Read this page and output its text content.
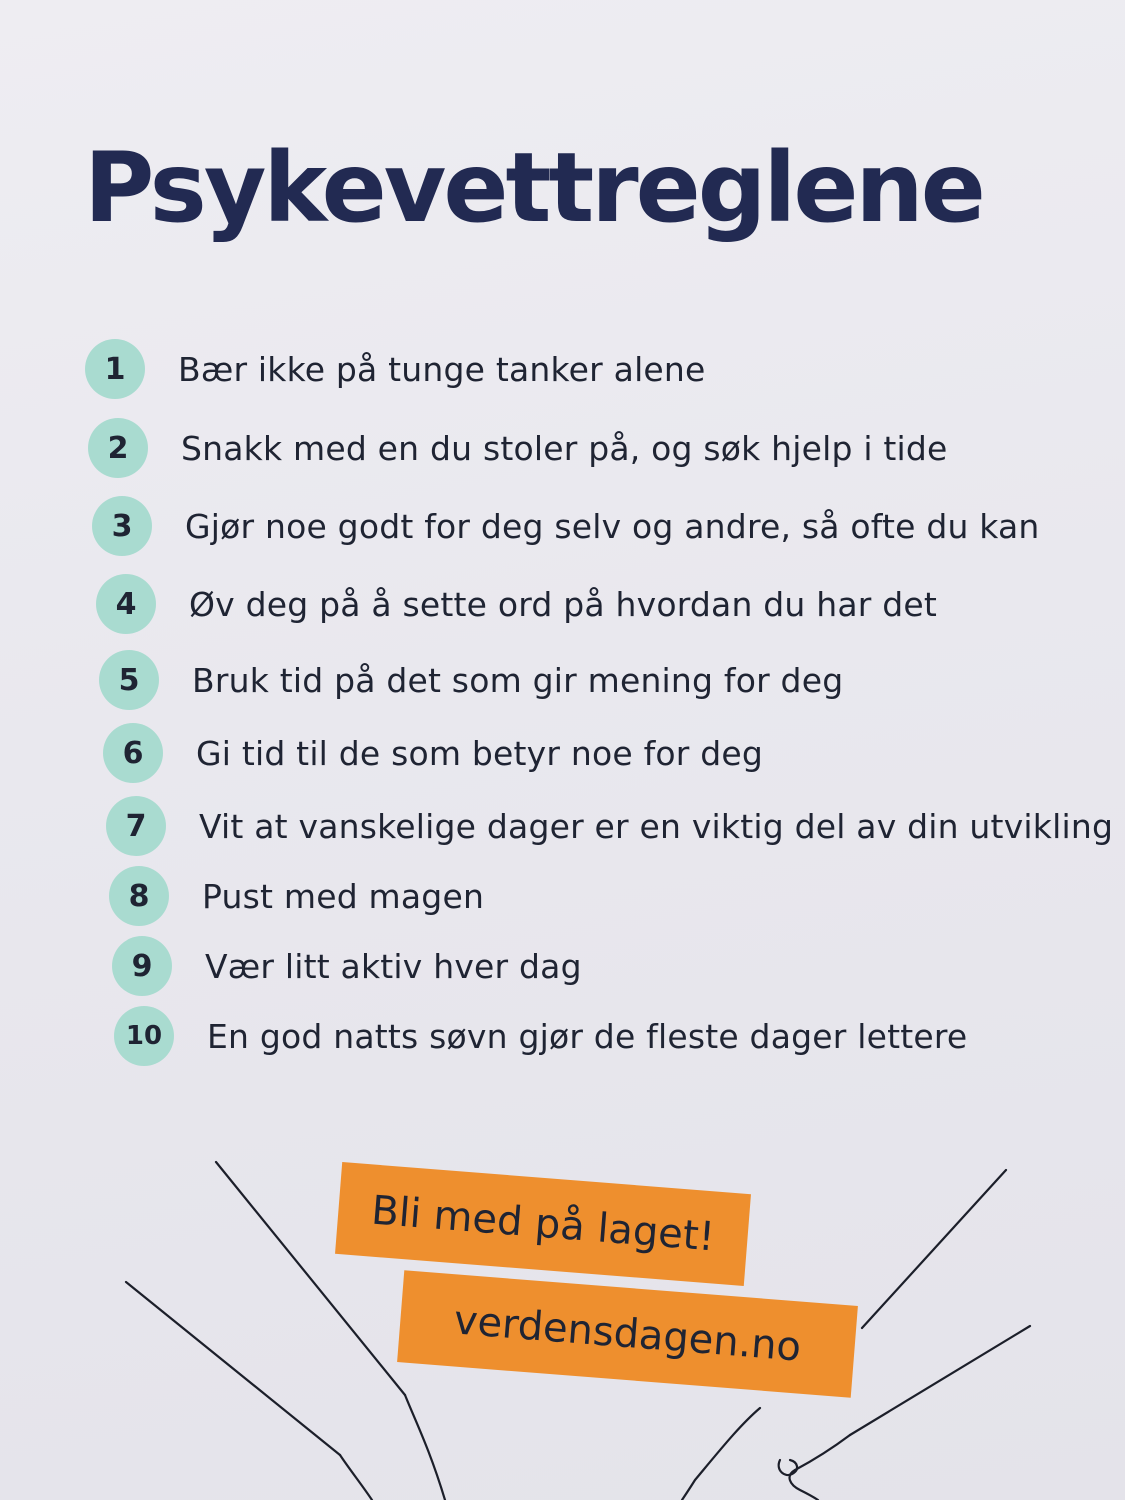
Psykevettreglene
1	Bær ikke på tunge tanker alene
2	Snakk med en du stoler på, og søk hjelp i tide
3	Gjør noe godt for deg selv og andre, så ofte du kan
4	Øv deg på å sette ord på hvordan du har det
5	Bruk tid på det som gir mening for deg
6	Gi tid til de som betyr noe for deg
7	Vit at vanskelige dager er en viktig del av din utvikling
8	Pust med magen
9	Vær litt aktiv hver dag
10	En god natts søvn gjør de fleste dager lettere
Bli med på laget!
verdensdagen.no
